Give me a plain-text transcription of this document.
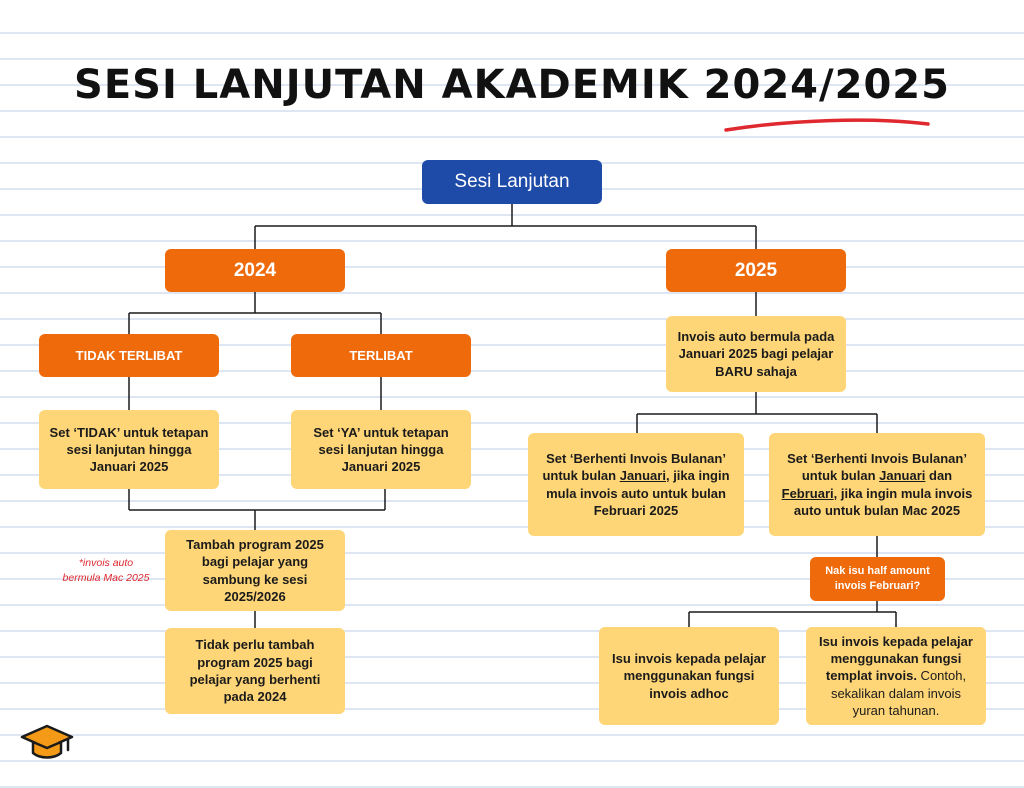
SESI LANJUTAN AKADEMIK 2024/2025
Sesi Lanjutan
2024
TIDAK TERLIBAT	TERLIBAT
Set ‘TIDAK’ untuk tetapan
sesi lanjutan hingga
Januari 2025
Set ‘YA’ untuk tetapan
sesi lanjutan hingga
Januari 2025
Tambah program 2025
bagi pelajar yang
sambung ke sesi
2025/2026
Tidak perlu tambah
program 2025 bagi
pelajar yang berhenti
pada 2024
*invois auto
bermula Mac 2025
2025
Invois auto bermula pada
Januari 2025 bagi pelajar
BARU sahaja
Set ‘Berhenti Invois Bulanan’
untuk bulan Januari, jika ingin
mula invois auto untuk bulan
Februari 2025
Set ‘Berhenti Invois Bulanan’
untuk bulan Januari dan
Februari, jika ingin mula invois
auto untuk bulan Mac 2025
Nak isu half amount
invois Februari?
Isu invois kepada pelajar
menggunakan fungsi
invois adhoc
Isu invois kepada pelajar
menggunakan fungsi
templat invois. Contoh,
sekalikan dalam invois
yuran tahunan.
